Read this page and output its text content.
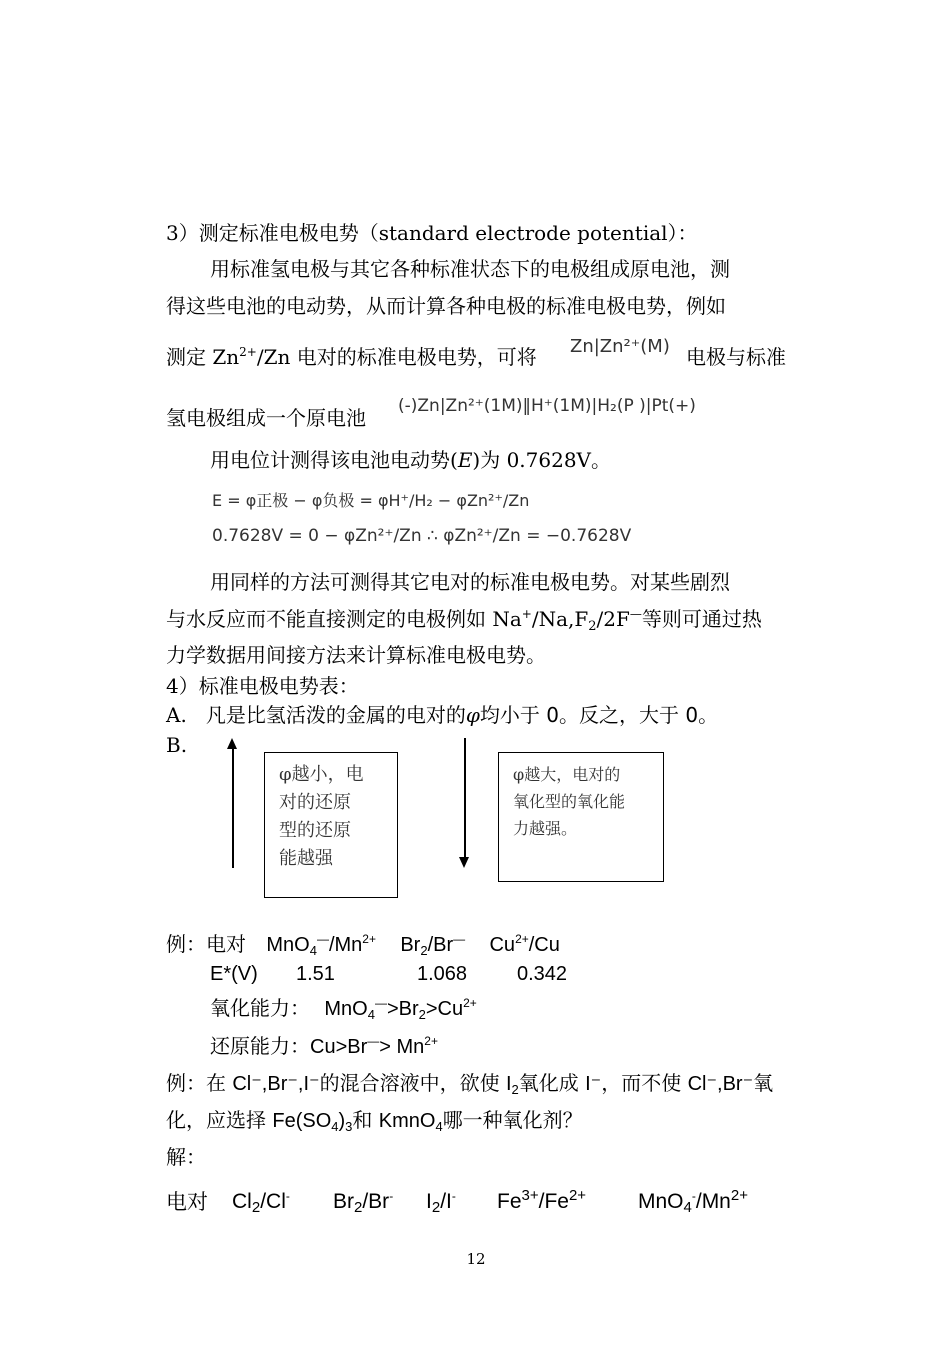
3）测定标准电极电势（standard electrode potential）：
用标准氢电极与其它各种标准状态下的电极组成原电池，测
得这些电池的电动势，从而计算各种电极的标准电极电势，例如
测定 $Zn^{2+}/Zn$ 电对的标准电极电势，可将 Zn|Zn²⁺(M) 电极与标准
氢电极组成一个原电池 (-)Zn|Zn²⁺(1M)‖H⁺(1M)|H₂(P )|Pt(+)
用电位计测得该电池电动势(E)为 0.7628V。
E = φ正极 − φ负极 = φH⁺/H₂ − φZn²⁺/Zn
0.7628V = 0 − φZn²⁺/Zn ∴ φZn²⁺/Zn = −0.7628V
用同样的方法可测得其它电对的标准电极电势。对某些剧烈
与水反应而不能直接测定的电极例如 $Na^+/Na,F_2/2F^—$等则可通过热
力学数据用间接方法来计算标准电极电势。
4）标准电极电势表：
A. 凡是比氢活泼的金属的电对的φ均小于 0。反之，大于 0。
B.
φ越小，电
对的还原
型的还原
能越强
φ越大，电对的
氧化型的氧化能
力越强。
例：电对 $MnO_4^—/Mn^{2+}$ $Br_2/Br^—$ $Cu^{2+}/Cu$
E*(V) 1.51	1.068 0.342
氧化能力： $MnO_4^—>Br_2>Cu^{2+}$
还原能力：$Cu>Br^—> Mn^{2+}$
例：在 Cl⁻,Br⁻,I⁻的混合溶液中，欲使 $I_2$氧化成 I⁻，而不使 Cl⁻,Br⁻氧
化，应选择 $Fe(SO_4)_3$和 KmnO$_4$哪一种氧化剂？
解：
电对 $Cl_2/Cl^-$ $Br_2/Br^-$ $I_2/I^-$ $Fe^{3+}/Fe^{2+}$ $MnO_4^-/Mn^{2+}$
12
